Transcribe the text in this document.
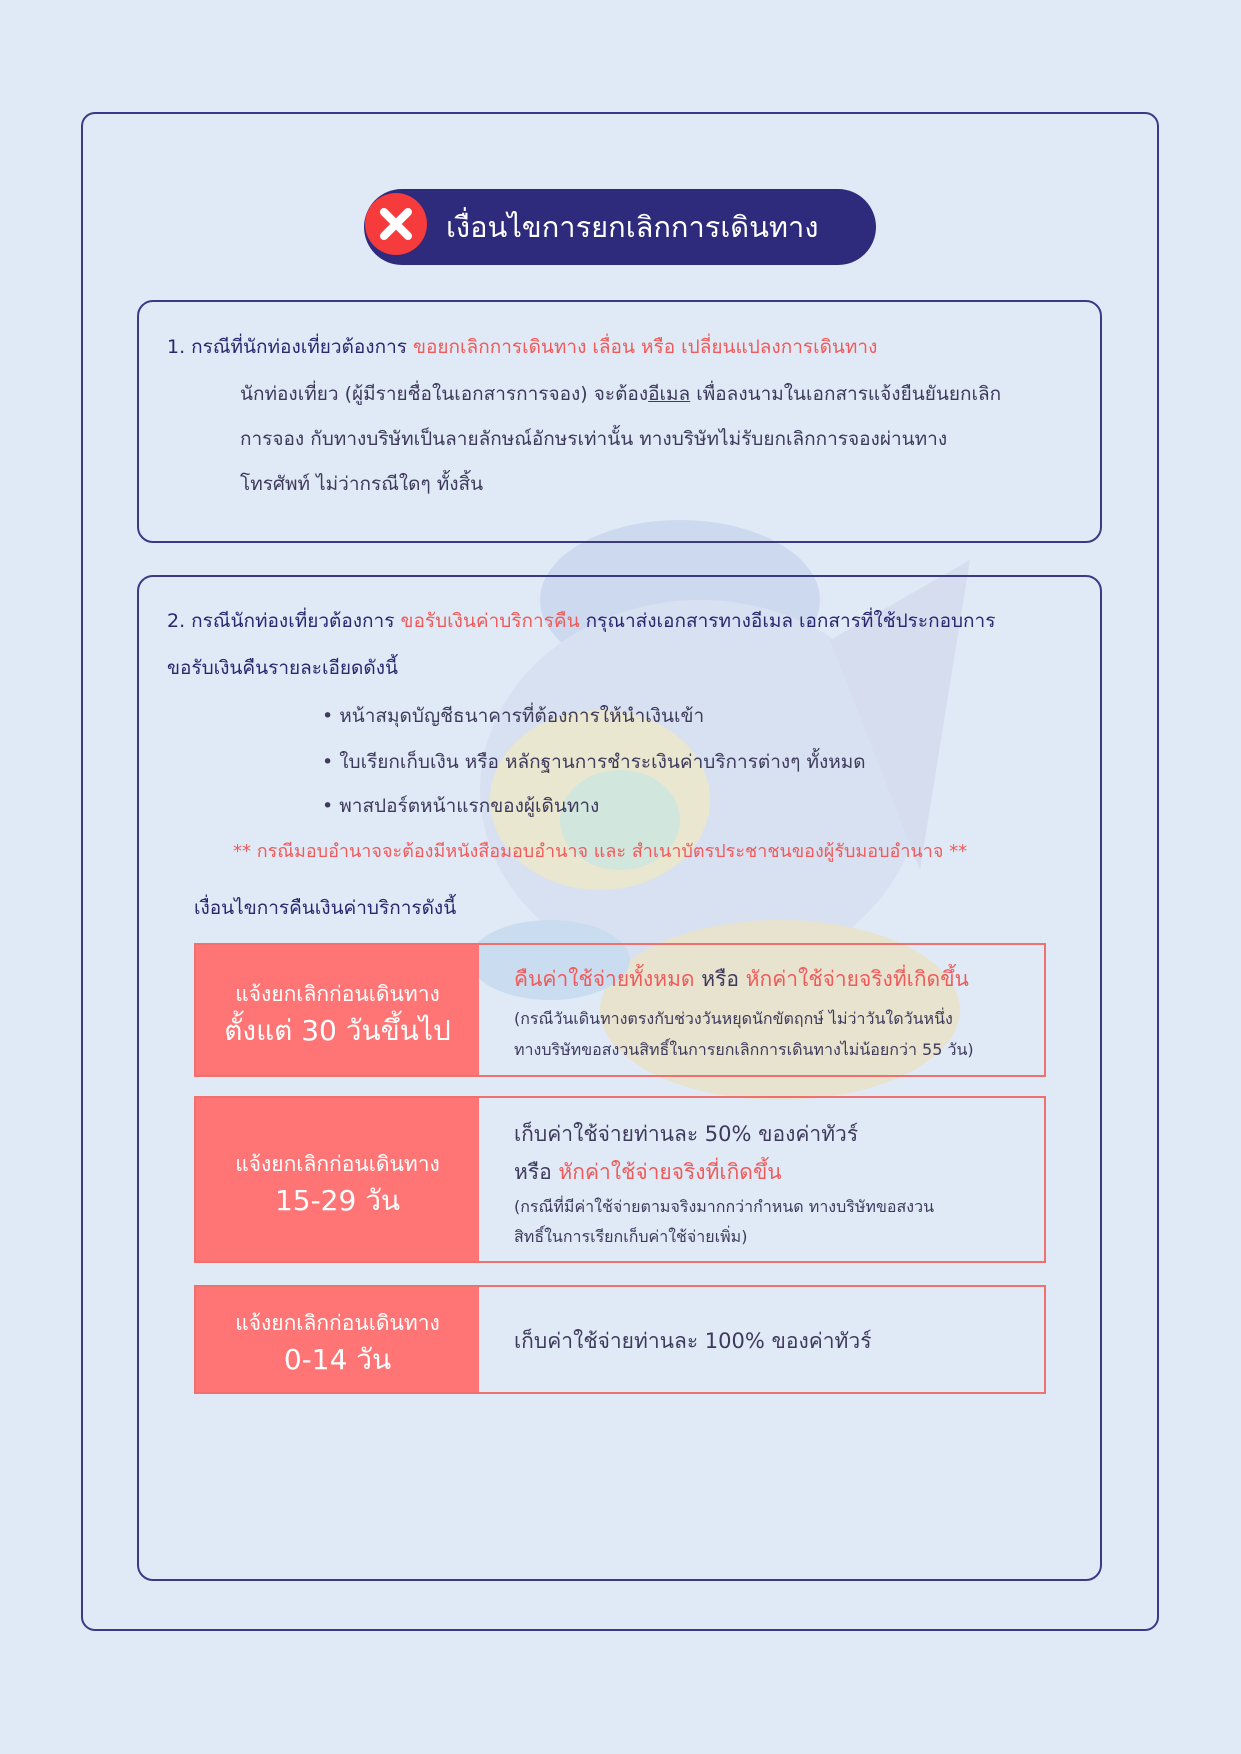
เงื่อนไขการยกเลิกการเดินทาง
1. กรณีที่นักท่องเที่ยวต้องการ ขอยกเลิกการเดินทาง เลื่อน หรือ เปลี่ยนแปลงการเดินทาง
นักท่องเที่ยว (ผู้มีรายชื่อในเอกสารการจอง) จะต้องอีเมล เพื่อลงนามในเอกสารแจ้งยืนยันยกเลิก
การจอง กับทางบริษัทเป็นลายลักษณ์อักษรเท่านั้น ทางบริษัทไม่รับยกเลิกการจองผ่านทาง
โทรศัพท์ ไม่ว่ากรณีใดๆ ทั้งสิ้น
2. กรณีนักท่องเที่ยวต้องการ ขอรับเงินค่าบริการคืน กรุณาส่งเอกสารทางอีเมล เอกสารที่ใช้ประกอบการ
ขอรับเงินคืนรายละเอียดดังนี้
• หน้าสมุดบัญชีธนาคารที่ต้องการให้นำเงินเข้า
• ใบเรียกเก็บเงิน หรือ หลักฐานการชำระเงินค่าบริการต่างๆ ทั้งหมด
• พาสปอร์ตหน้าแรกของผู้เดินทาง
** กรณีมอบอำนาจจะต้องมีหนังสือมอบอำนาจ และ สำเนาบัตรประชาชนของผู้รับมอบอำนาจ **
เงื่อนไขการคืนเงินค่าบริการดังนี้
แจ้งยกเลิกก่อนเดินทาง
ตั้งแต่ 30 วันขึ้นไป
คืนค่าใช้จ่ายทั้งหมด หรือ หักค่าใช้จ่ายจริงที่เกิดขึ้น
(กรณีวันเดินทางตรงกับช่วงวันหยุดนักขัตฤกษ์ ไม่ว่าวันใดวันหนึ่ง
ทางบริษัทขอสงวนสิทธิ์ในการยกเลิกการเดินทางไม่น้อยกว่า 55 วัน)
แจ้งยกเลิกก่อนเดินทาง
15-29 วัน
เก็บค่าใช้จ่ายท่านละ 50% ของค่าทัวร์
หรือ หักค่าใช้จ่ายจริงที่เกิดขึ้น
(กรณีที่มีค่าใช้จ่ายตามจริงมากกว่ากำหนด ทางบริษัทขอสงวน
สิทธิ์ในการเรียกเก็บค่าใช้จ่ายเพิ่ม)
แจ้งยกเลิกก่อนเดินทาง
0-14 วัน
เก็บค่าใช้จ่ายท่านละ 100% ของค่าทัวร์
